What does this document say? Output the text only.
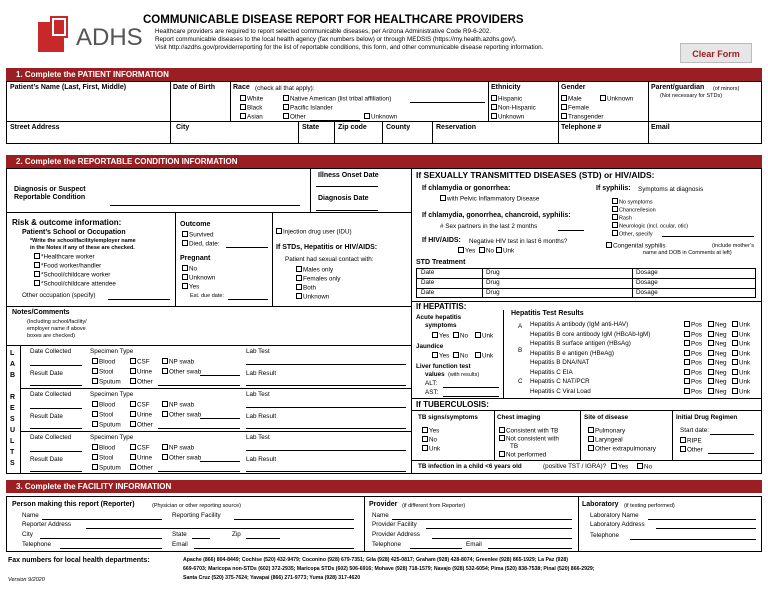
ADHS
COMMUNICABLE DISEASE REPORT FOR HEALTHCARE PROVIDERS
Healthcare providers are required to report selected communicable diseases, per Arizona Administrative Code R9-6-202.
Report communicable diseases to the local health agency (fax numbers below) or through MEDSIS (https://my.health.azdhs.gov/).
Visit http://azdhs.gov/providerreporting for the list of reportable conditions, this form, and other communicable disease reporting information.
Clear Form
1. Complete the PATIENT INFORMATION
Patient’s Name (Last, First, Middle)	Date of Birth	Race (check all that apply):
White	Native American (list tribal affiliation)
Black	Pacific Islander
Asian	Other	Unknown
Ethnicity
Hispanic
Non-Hispanic
Unknown
Gender
Male	Unknown
Female
Transgender
Parent/guardian (of minors)
(Not necessary for STDs)
Street Address	City	State	Zip code	County	Reservation	Telephone #	Email
2. Complete the REPORTABLE CONDITION INFORMATION
Illness Onset Date
Diagnosis Date
Diagnosis or Suspect
Reportable Condition
Risk & outcome information:
Patient’s School or Occupation
*Write the school/facility/employer name
in the Notes if any of these are checked.
*Healthcare worker
*Food worker/handler
*School/childcare worker
*School/childcare attendee
Other occupation (specify)
Outcome
Survived
Died, date:
Pregnant
No
Unknown
Yes
Est. due date:
Injection drug user (IDU)
If STDs, Hepatitis or HIV/AIDS:
Patient had sexual contact with:
Males only
Females only
Both
Unknown
Notes/Comments
(Including school/facility/
employer name if above
boxes are checked)
L
A
B
R
E
S
U
L
T
S
Date Collected	Specimen Type
Blood	CSF	NP swab
Stool	Urine	Other swab
Sputum	Other
Result Date
Lab Test
Lab Result
Date Collected	Specimen Type
Blood	CSF	NP swab
Stool	Urine	Other swab
Sputum	Other
Result Date
Lab Test
Lab Result
Date Collected	Specimen Type
Blood	CSF	NP swab
Stool	Urine	Other swab
Sputum	Other
Result Date
Lab Test
Lab Result
If SEXUALLY TRANSMITTED DISEASES (STD) or HIV/AIDS:
If chlamydia or gonorrhea:
with Pelvic Inflammatory Disease
If chlamydia, gonorrhea, chancroid, syphilis:
# Sex partners in the last 2 months
If HIV/AIDS: Negative HIV test in last 6 months?
Yes	No	Unk
If syphilis: Symptoms at diagnosis
No symptoms
Chancre/lesion
Rash
Neurologic (incl. ocular, otic)
Other, specify
Congenital syphilis	(include mother’s
name and DOB in Comments at left)
STD Treatment
Date	Drug	Dosage
Date	Drug	Dosage
Date	Drug	Dosage
If HEPATITIS:
Acute hepatitis
symptoms
Yes	No	Unk
Jaundice
Yes	No	Unk
Liver function test
values (with results)
ALT:
AST:
Hepatitis Test Results
A
B
C
Hepatitis A antibody (IgM anti-HAV)	Pos	Neg	Unk
Hepatitis B core antibody IgM (HBcAb-IgM)	Pos	Neg	Unk
Hepatitis B surface antigen (HBsAg)	Pos	Neg	Unk
Hepatitis B e antigen (HBeAg)	Pos	Neg	Unk
Hepatitis B DNA/NAT	Pos	Neg	Unk
Hepatitis C EIA	Pos	Neg	Unk
Hepatitis C NAT/PCR	Pos	Neg	Unk
Hepatitis C Viral Load	Pos	Neg	Unk
If TUBERCULOSIS:
TB signs/symptoms
Yes
No
Unk
Chest imaging
Consistent with TB
Not consistent with
TB
Not performed
Site of disease
Pulmonary
Laryngeal
Other extrapulmonary
Initial Drug Regimen
Start date:
RIPE
Other
TB infection in a child <6 years old	(positive TST / IGRA)?	Yes	No
3. Complete the FACILITY INFORMATION
Person making this report (Reporter)	(Physician or other reporting source)
Name	Reporting Facility
Reporter Address
City	State	Zip
Telephone	Email
Provider (if different from Reporter)
Name
Provider Facility
Provider Address
Telephone	Email
Laboratory (if testing performed)
Laboratory Name
Laboratory Address
Telephone
Fax numbers for local health departments:	Apache (866) 804-8449; Cochise (520) 432-9479; Coconino (928) 679-7351; Gila (928) 425-0817; Graham (928) 428-8074; Greenlee (928) 865-1929; La Paz (928)
669-6703; Maricopa non-STDs (602) 372-2935; Maricopa STDs (602) 506-6916; Mohave (928) 718-1579; Navajo (928) 532-6054; Pima (520) 838-7538; Pinal (520) 866-2929;
Santa Cruz (520) 375-7624; Yavapai (866) 271-9773; Yuma (928) 317-4620
Version 9/2020
